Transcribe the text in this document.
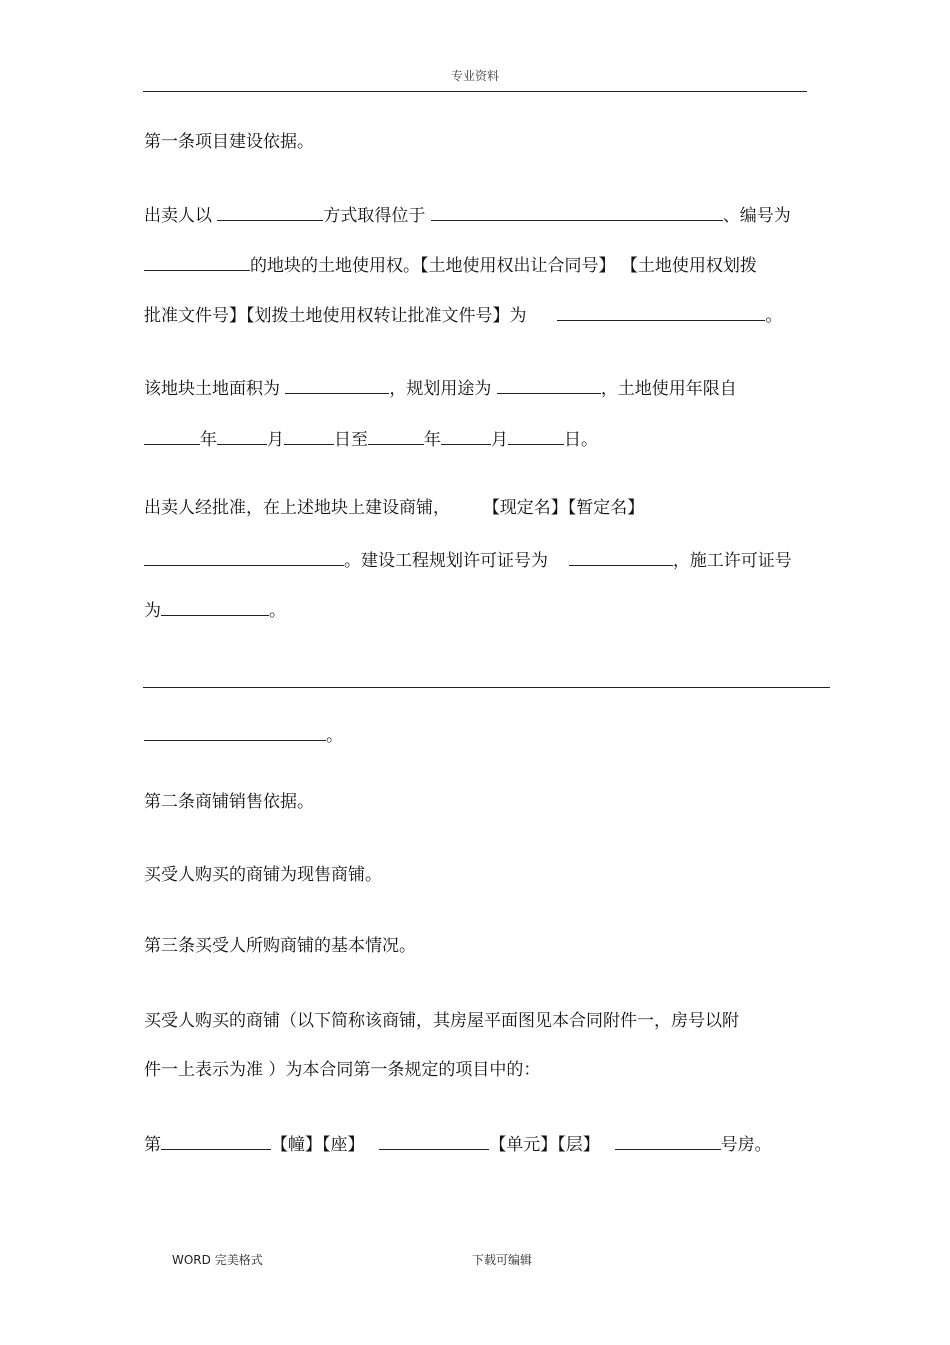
专业资料
第一条项目建设依据。
出卖人以	方式取得位于	、编号为
的地块的土地使用权。【土地使用权出让合同号】 【土地使用权划拨
批准文件号】【划拨土地使用权转让批准文件号】为	。
该地块土地面积为	，规划用途为	，土地使用年限自
年	月	日至	年	月	日。
出卖人经批准，在上述地块上建设商铺， 【现定名】【暂定名】
。建设工程规划许可证号为	，施工许可证号
为	。
。
第二条商铺销售依据。
买受人购买的商铺为现售商铺。
第三条买受人所购商铺的基本情况。
买受人购买的商铺（以下简称该商铺，其房屋平面图见本合同附件一，房号以附
件一上表示为准 ）为本合同第一条规定的项目中的：
第	【幢】【座】	【单元】【层】	号房。
WORD 完美格式	下载可编辑
